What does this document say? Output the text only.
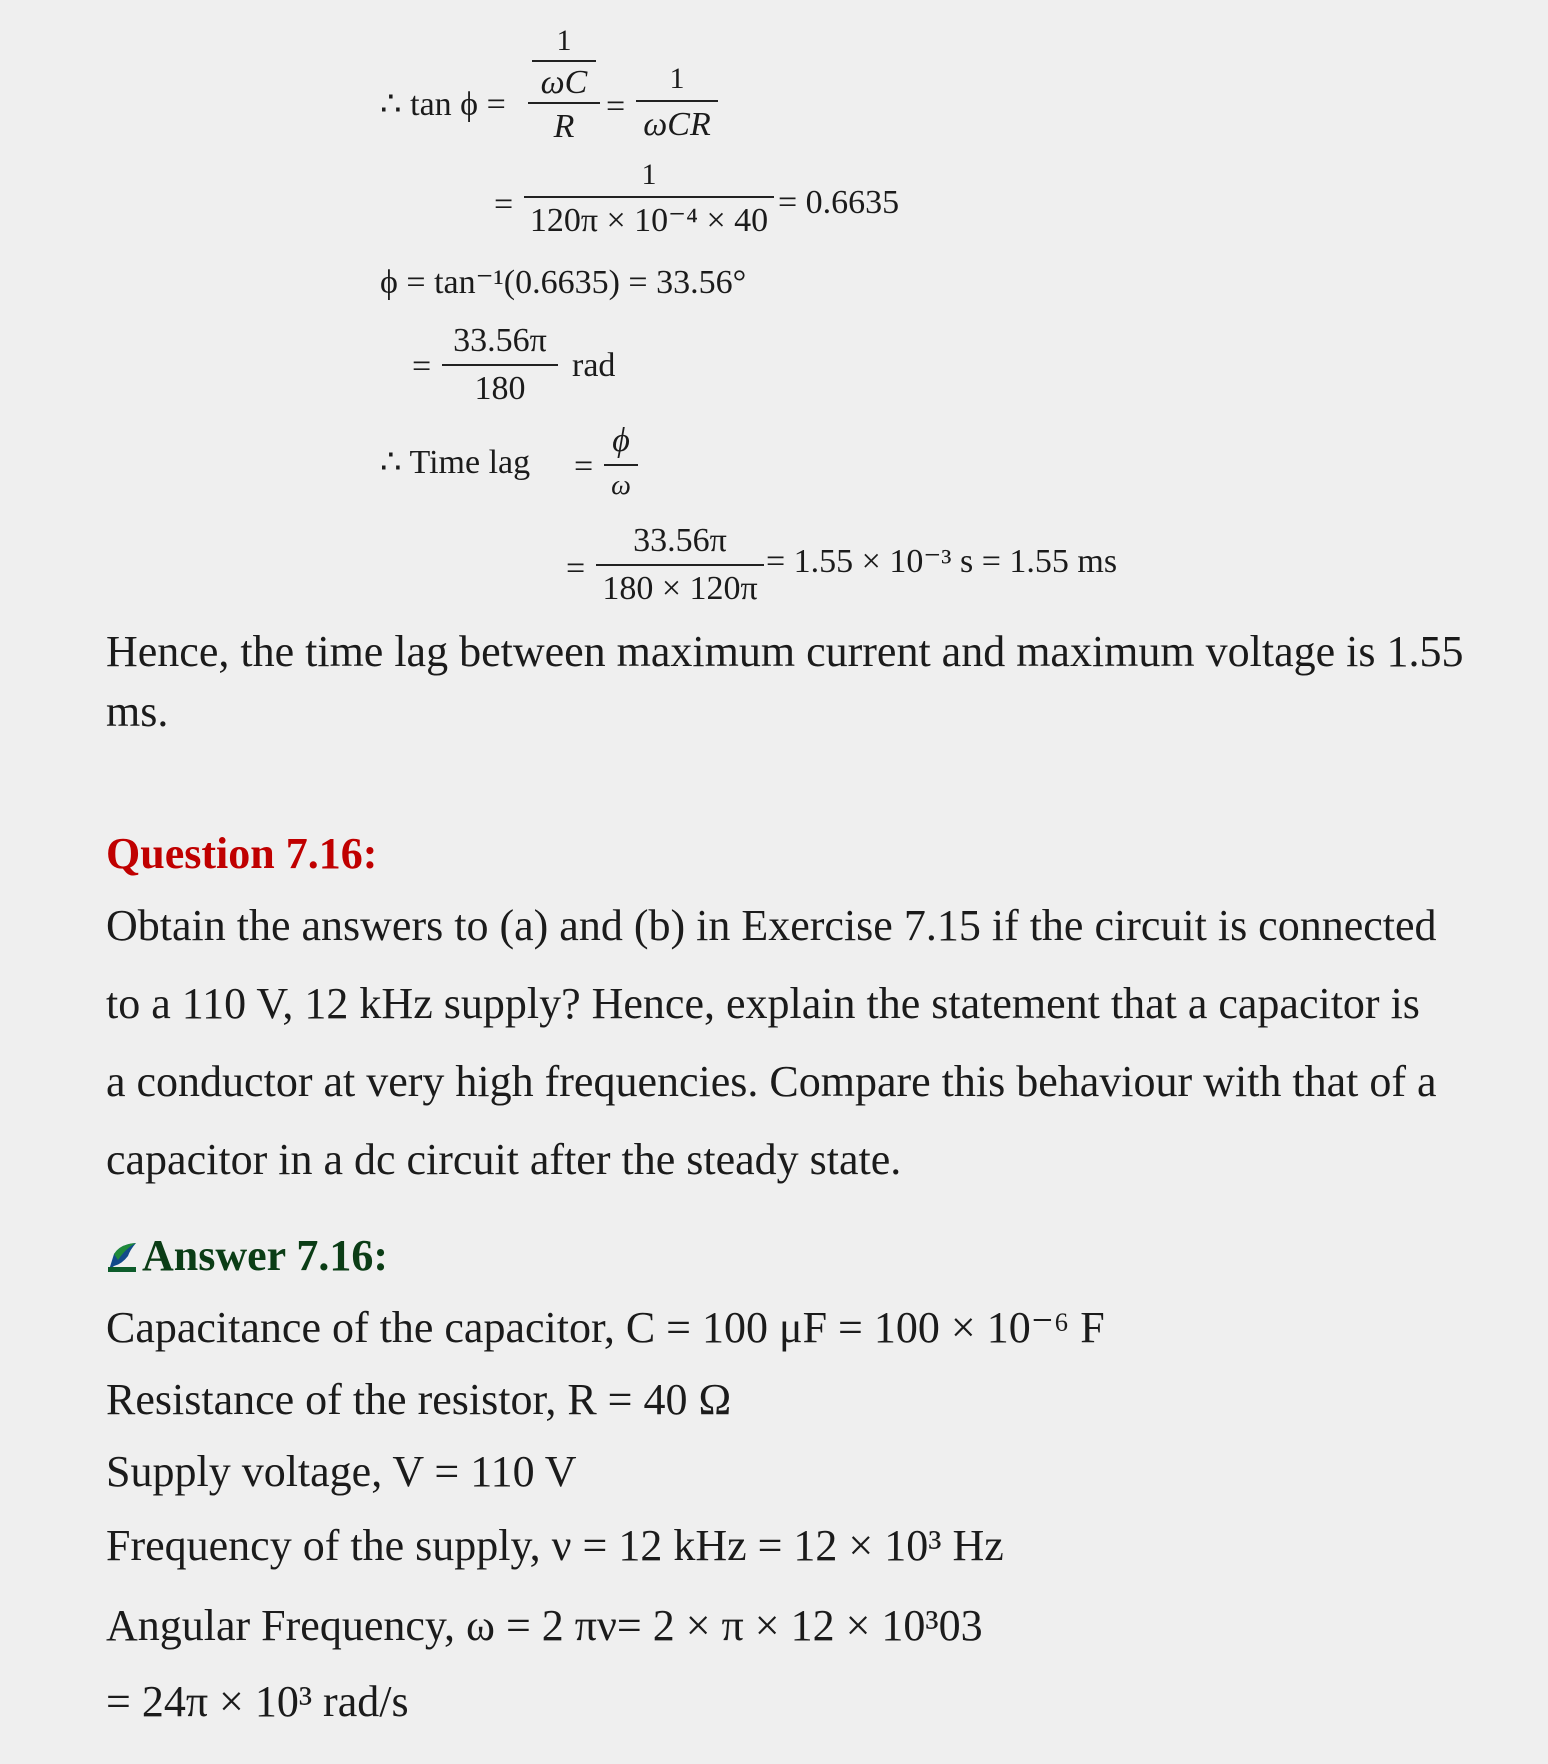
∴ tan ϕ =
1
ωC
R
=
1
ωCR
=
1
120π × 10⁻⁴ × 40 = 0.6635
ϕ = tan⁻¹(0.6635) = 33.56°
=
33.56π
180
rad
∴ Time lag =
ϕ
ω
=
33.56π
180 × 120π
= 1.55 × 10⁻³ s = 1.55 ms
Hence, the time lag between maximum current and maximum voltage is 1.55
ms.
Question 7.16:
Obtain the answers to (a) and (b) in Exercise 7.15 if the circuit is connected
to a 110 V, 12 kHz supply? Hence, explain the statement that a capacitor is
a conductor at very high frequencies. Compare this behaviour with that of a
capacitor in a dc circuit after the steady state.
Answer 7.16:
Capacitance of the capacitor, C = 100 μF = 100 × 10⁻⁶ F
Resistance of the resistor, R = 40 Ω
Supply voltage, V = 110 V
Frequency of the supply, ν = 12 kHz = 12 × 10³ Hz
Angular Frequency, ω = 2 πν= 2 × π × 12 × 10³03
= 24π × 10³ rad/s
